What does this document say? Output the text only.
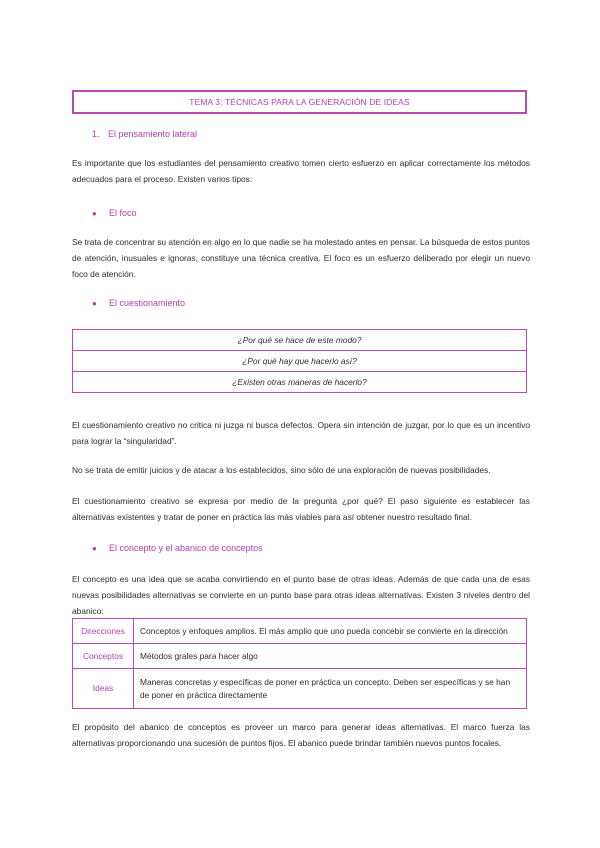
TEMA 3: TÉCNICAS PARA LA GENERACIÓN DE IDEAS
1. El pensamiento lateral
Es importante que los estudiantes del pensamiento creativo tomen cierto esfuerzo en aplicar correctamente los métodos adecuados para el proceso. Existen varios tipos:
● El foco
Se trata de concentrar su atención en algo en lo que nadie se ha molestado antes en pensar. La búsqueda de estos puntos de atención, inusuales e ignoras, constituye una técnica creativa. El foco es un esfuerzo deliberado por elegir un nuevo foco de atención.
● El cuestionamiento
¿Por qué se hace de este modo?
¿Por qué hay que hacerlo así?
¿Existen otras maneras de hacerlo?
El cuestionamiento creativo no critica ni juzga ni busca defectos. Opera sin intención de juzgar, por lo que es un incentivo para lograr la “singularidad”.
No se trata de emitir juicios y de atacar a los establecidos, sino sólo de una exploración de nuevas posibilidades.
El cuestionamiento creativo se expresa por medio de la pregunta ¿por qué? El paso siguiente es establecer las alternativas existentes y tratar de poner en práctica las más viables para así obtener nuestro resultado final.
● El concepto y el abanico de conceptos
El concepto es una idea que se acaba convirtiendo en el punto base de otras ideas. Además de que cada una de esas nuevas posibilidades alternativas se convierte en un punto base para otras ideas alternativas. Existen 3 niveles dentro del abanico:
Direcciones	Conceptos y enfoques amplios. El más amplio que uno pueda concebir se convierte en la dirección
Conceptos	Métodos grales para hacer algo
Ideas	Maneras concretas y específicas de poner en práctica un concepto. Deben ser específicas y se han de poner en práctica directamente
El propósito del abanico de conceptos es proveer un marco para generar ideas alternativas. El marco fuerza las alternativas proporcionando una sucesión de puntos fijos. El abanico puede brindar también nuevos puntos focales.
